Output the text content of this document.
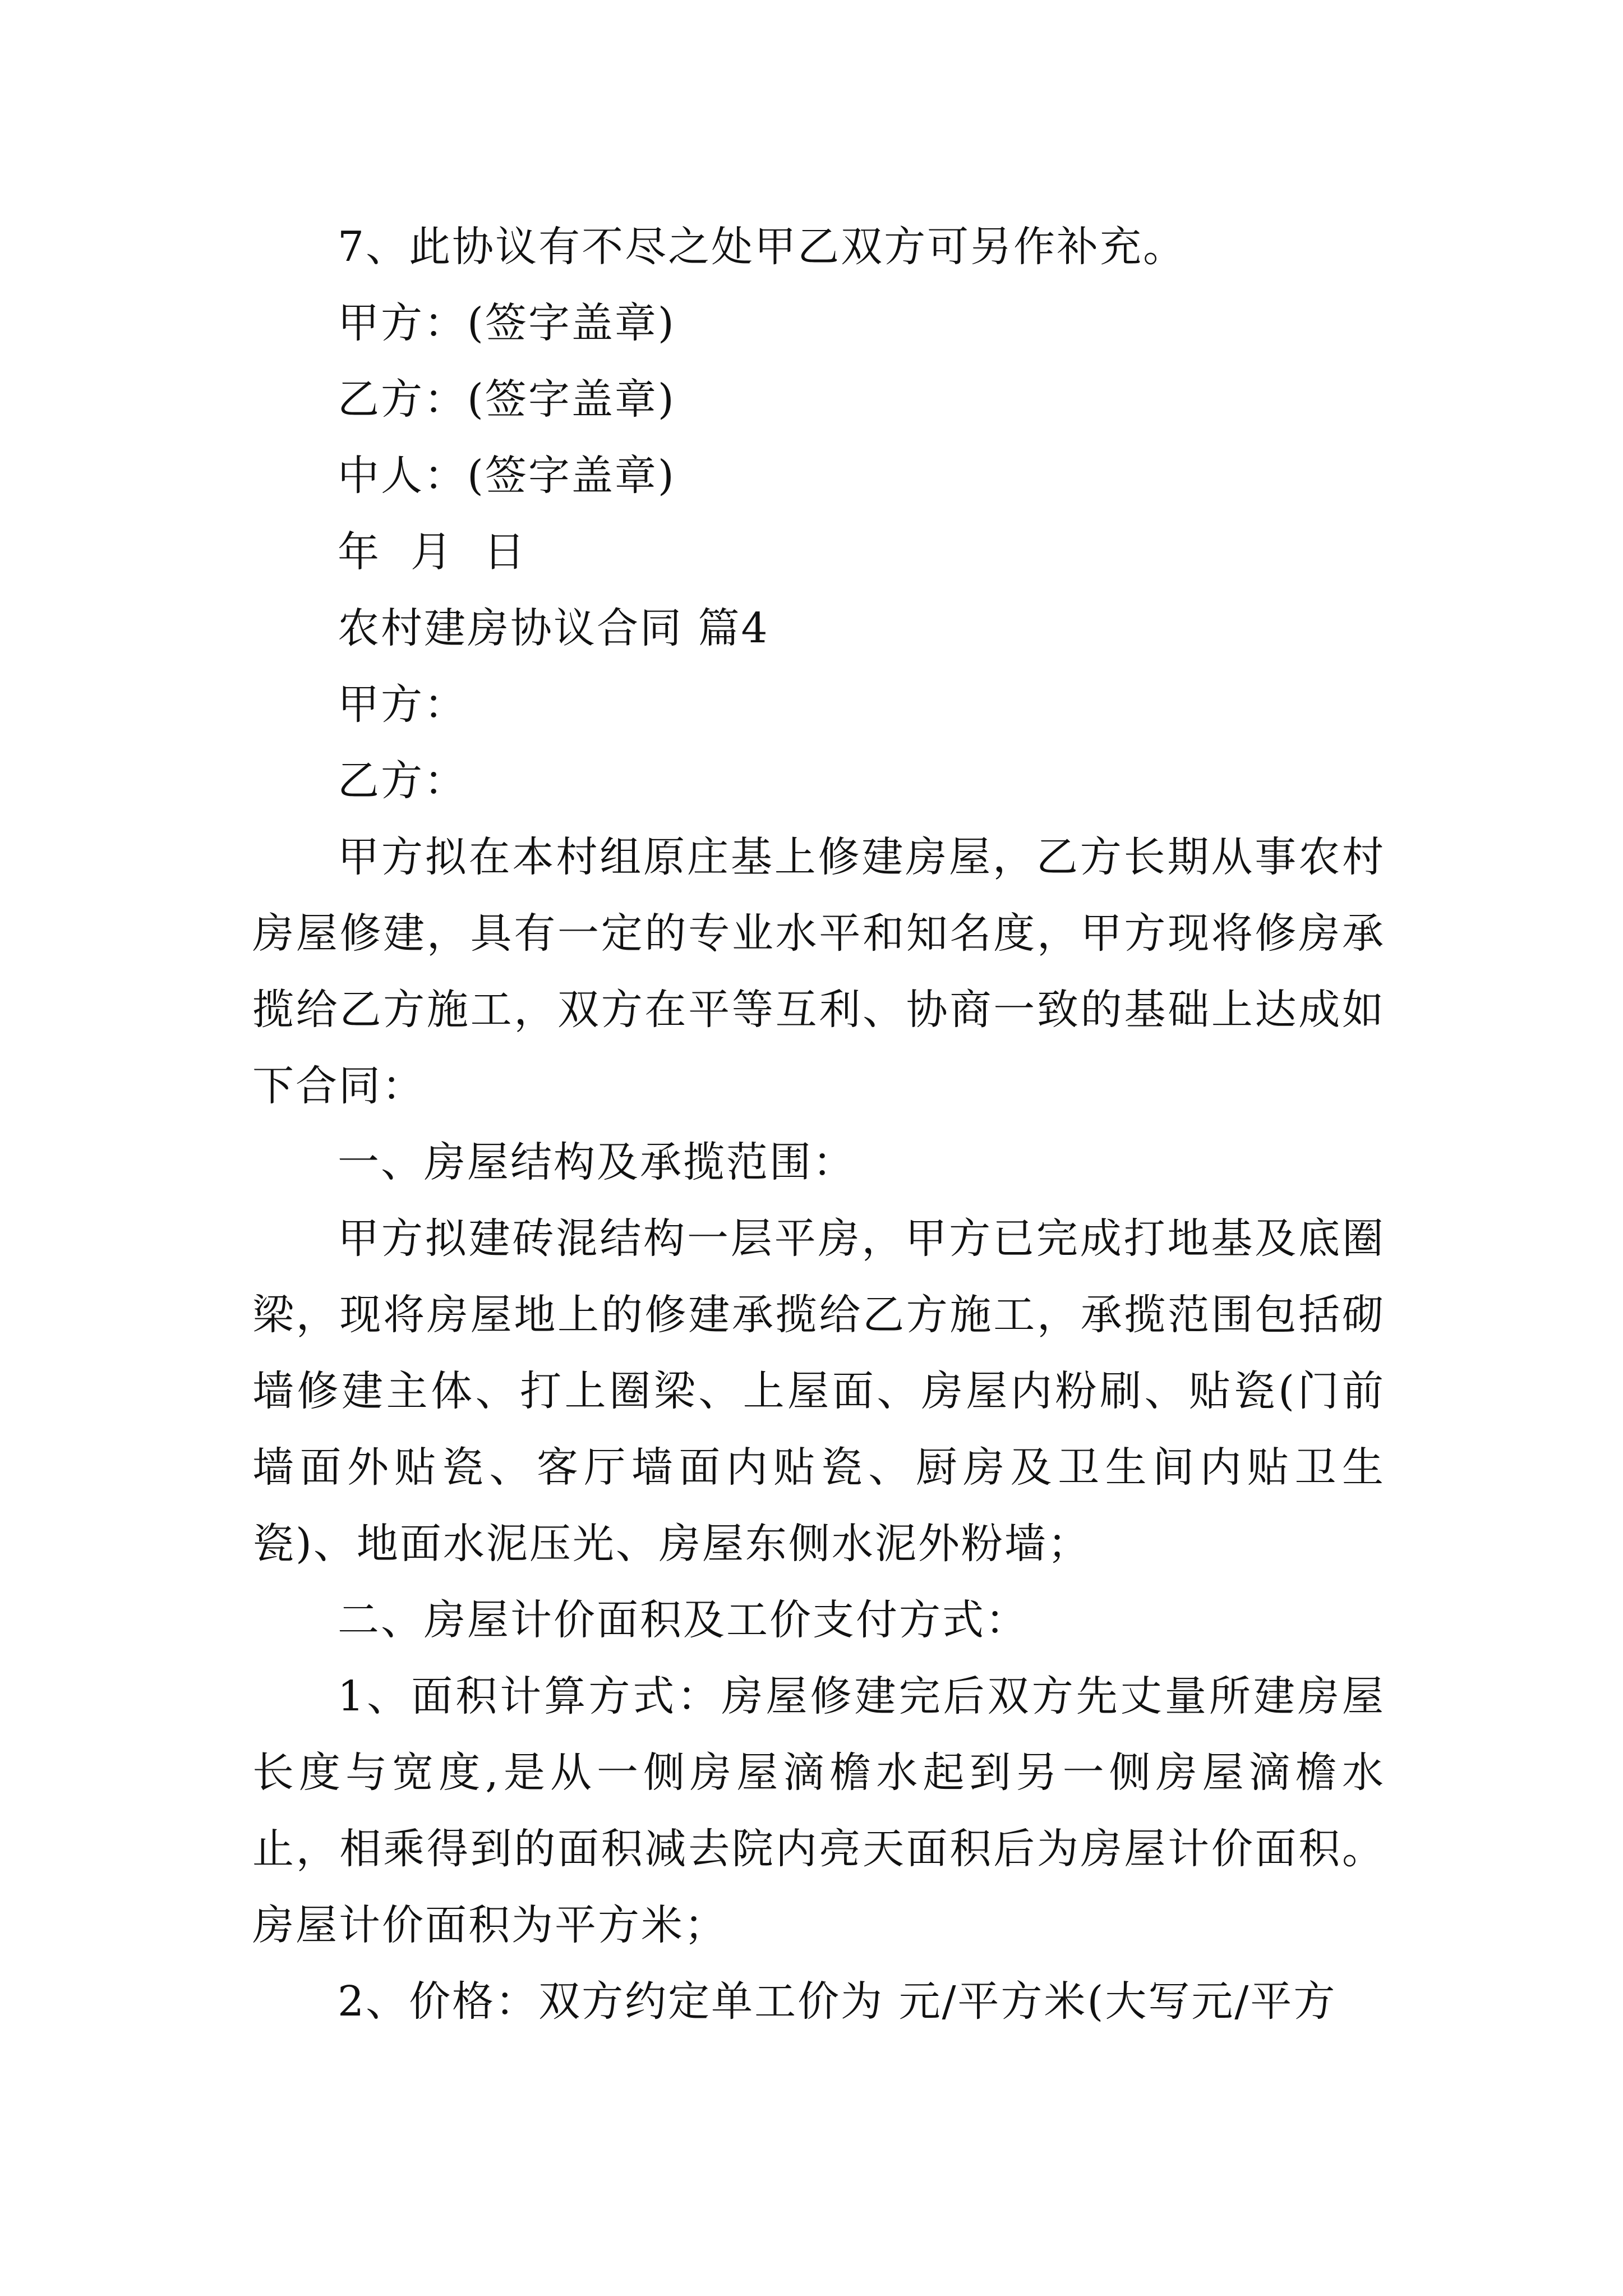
7、此协议有不尽之处甲乙双方可另作补充。

甲方：(签字盖章)

乙方：(签字盖章)

中人：(签字盖章)

年  月  日

农村建房协议合同 篇4

甲方：

乙方：

甲方拟在本村组原庄基上修建房屋，乙方长期从事农村房屋修建，具有一定的专业水平和知名度，甲方现将修房承揽给乙方施工，双方在平等互利、协商一致的基础上达成如下合同：

一、房屋结构及承揽范围：

甲方拟建砖混结构一层平房，甲方已完成打地基及底圈梁，现将房屋地上的修建承揽给乙方施工，承揽范围包括砌墙修建主体、打上圈梁、上屋面、房屋内粉刷、贴瓷(门前墙面外贴瓷、客厅墙面内贴瓷、厨房及卫生间内贴卫生瓷)、地面水泥压光、房屋东侧水泥外粉墙；

二、房屋计价面积及工价支付方式：

1、面积计算方式：房屋修建完后双方先丈量所建房屋长度与宽度,是从一侧房屋滴檐水起到另一侧房屋滴檐水止，相乘得到的面积减去院内亮天面积后为房屋计价面积。房屋计价面积为平方米；

2、价格：双方约定单工价为 元/平方米(大写元/平方
